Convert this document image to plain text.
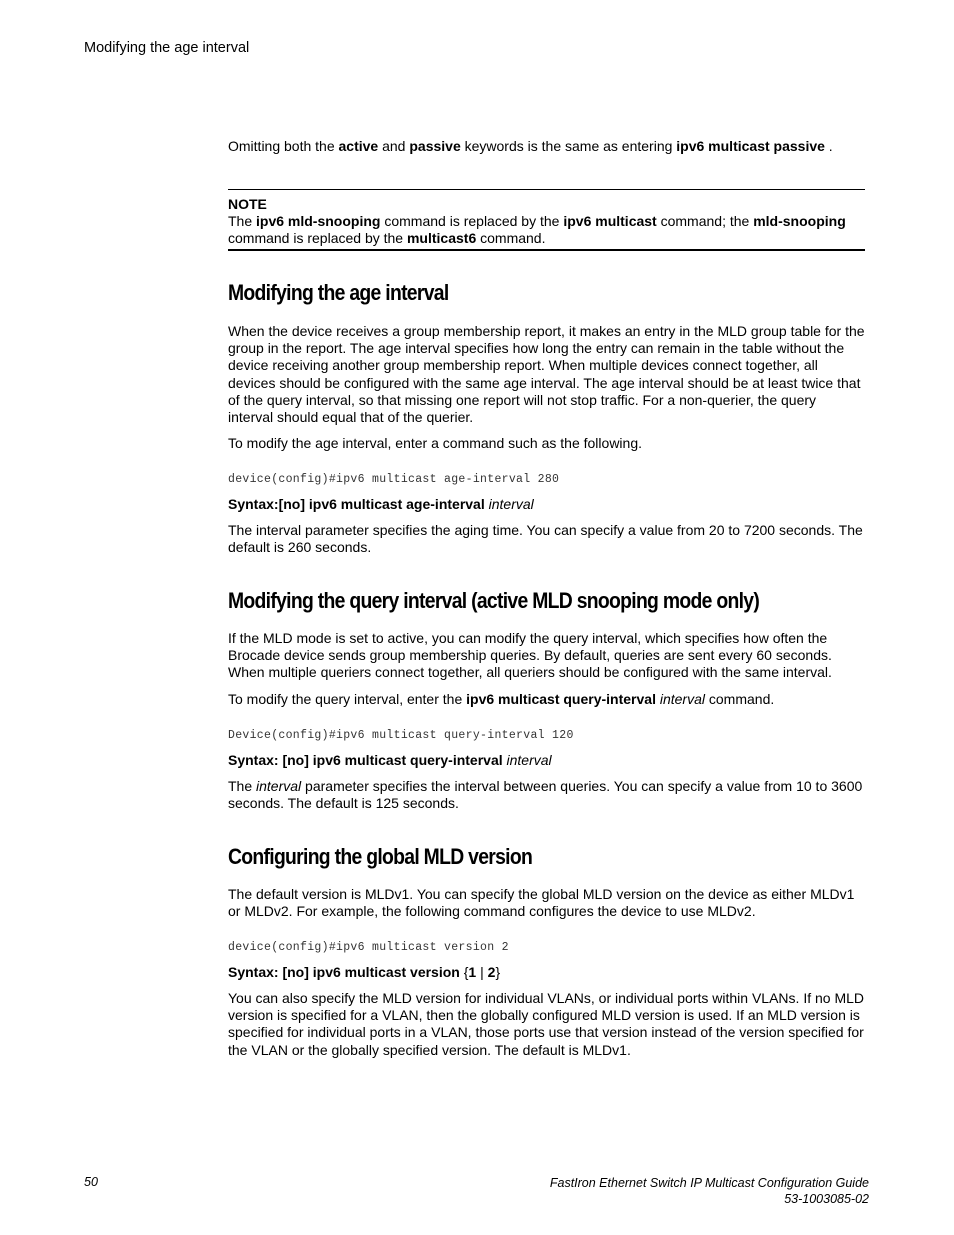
Modifying the age interval

Omitting both the active and passive keywords is the same as entering ipv6 multicast passive .

NOTE

The ipv6 mld-snooping command is replaced by the ipv6 multicast command; the mld-snooping command is replaced by the multicast6 command.

Modifying the age interval

When the device receives a group membership report, it makes an entry in the MLD group table for the group in the report. The age interval specifies how long the entry can remain in the table without the device receiving another group membership report. When multiple devices connect together, all devices should be configured with the same age interval. The age interval should be at least twice that of the query interval, so that missing one report will not stop traffic. For a non-querier, the query interval should equal that of the querier.

To modify the age interval, enter a command such as the following.

device(config)#ipv6 multicast age-interval 280

Syntax:[no] ipv6 multicast age-interval interval

The interval parameter specifies the aging time. You can specify a value from 20 to 7200 seconds. The default is 260 seconds.

Modifying the query interval (active MLD snooping mode only)

If the MLD mode is set to active, you can modify the query interval, which specifies how often the Brocade device sends group membership queries. By default, queries are sent every 60 seconds. When multiple queriers connect together, all queriers should be configured with the same interval.

To modify the query interval, enter the ipv6 multicast query-interval interval command.

Device(config)#ipv6 multicast query-interval 120

Syntax: [no] ipv6 multicast query-interval interval

The interval parameter specifies the interval between queries. You can specify a value from 10 to 3600 seconds. The default is 125 seconds.

Configuring the global MLD version

The default version is MLDv1. You can specify the global MLD version on the device as either MLDv1 or MLDv2. For example, the following command configures the device to use MLDv2.

device(config)#ipv6 multicast version 2

Syntax: [no] ipv6 multicast version {1 | 2}

You can also specify the MLD version for individual VLANs, or individual ports within VLANs. If no MLD version is specified for a VLAN, then the globally configured MLD version is used. If an MLD version is specified for individual ports in a VLAN, those ports use that version instead of the version specified for the VLAN or the globally specified version. The default is MLDv1.

50	FastIron Ethernet Switch IP Multicast Configuration Guide
53-1003085-02
